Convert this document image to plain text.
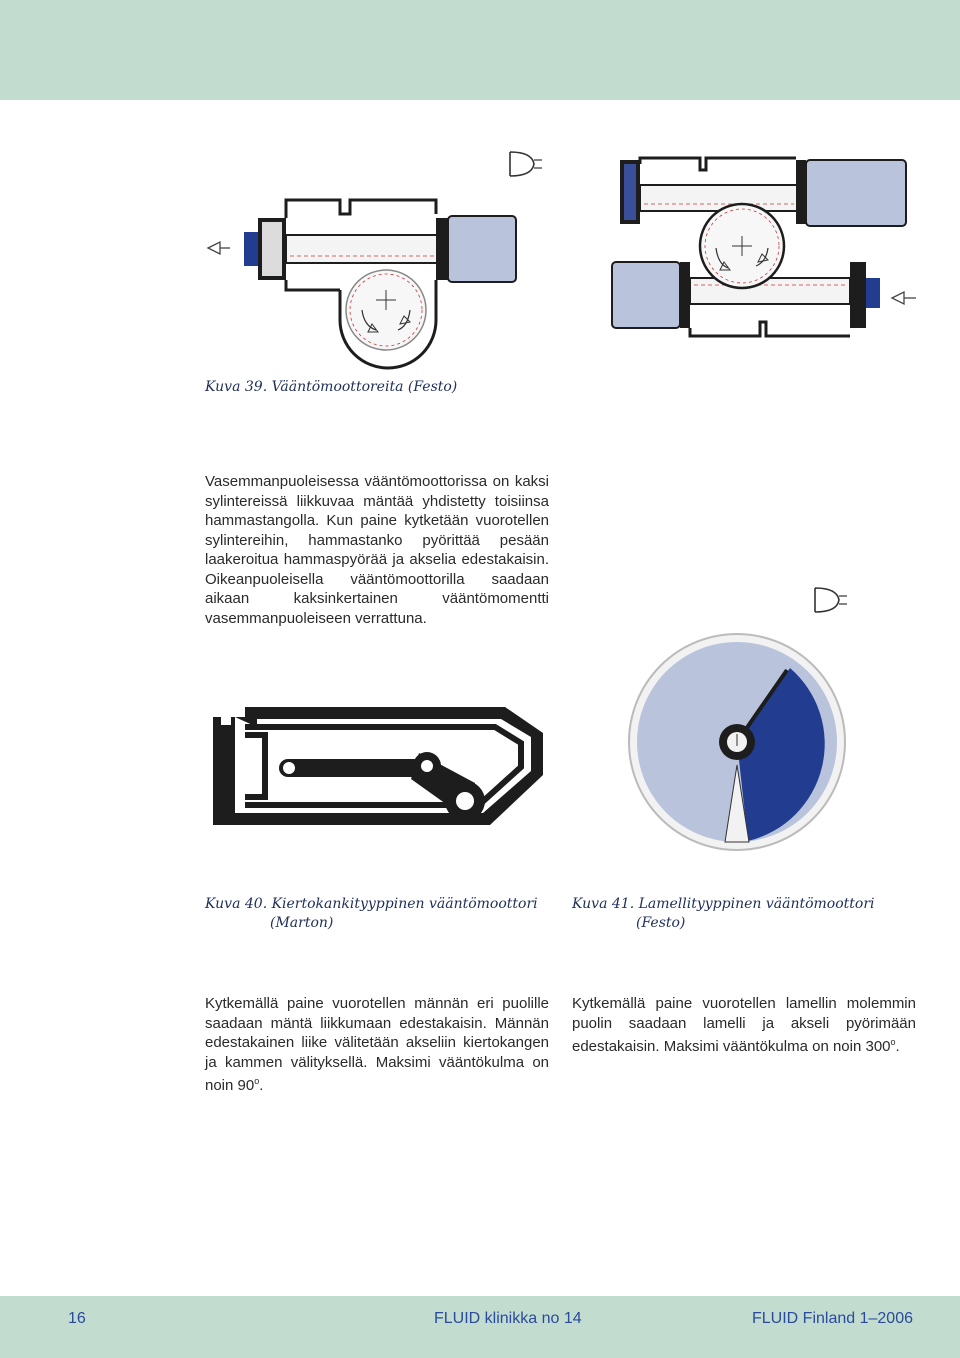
Kuva 39. Vääntömoottoreita (Festo)
Vasemmanpuoleisessa vääntömoottorissa on kaksi sylintereissä liikkuvaa mäntää yhdistetty toisiinsa hammastangolla. Kun paine kytketään vuorotellen sylintereihin, hammastanko pyörittää pesään laakeroitua hammaspyörää ja akselia edestakaisin. Oikeanpuoleisella vääntömoottorilla saadaan aikaan kaksinkertainen vääntömomentti vasemmanpuoleiseen verrattuna.
Kuva 40. Kiertokankityyppinen vääntömoottori
(Marton)
Kuva 41. Lamellityyppinen vääntömoottori
(Festo)
Kytkemällä paine vuorotellen männän eri puolille saadaan mäntä liikkumaan edestakaisin. Männän edestakainen liike välitetään akseliin kiertokangen ja kammen välityksellä. Maksimi vääntökulma on noin 90$^o$.
Kytkemällä paine vuorotellen lamellin molemmin puolin saadaan lamelli ja akseli pyörimään edestakaisin. Maksimi vääntökulma on noin 300$^o$.
16	FLUID klinikka no 14	FLUID Finland 1–2006
